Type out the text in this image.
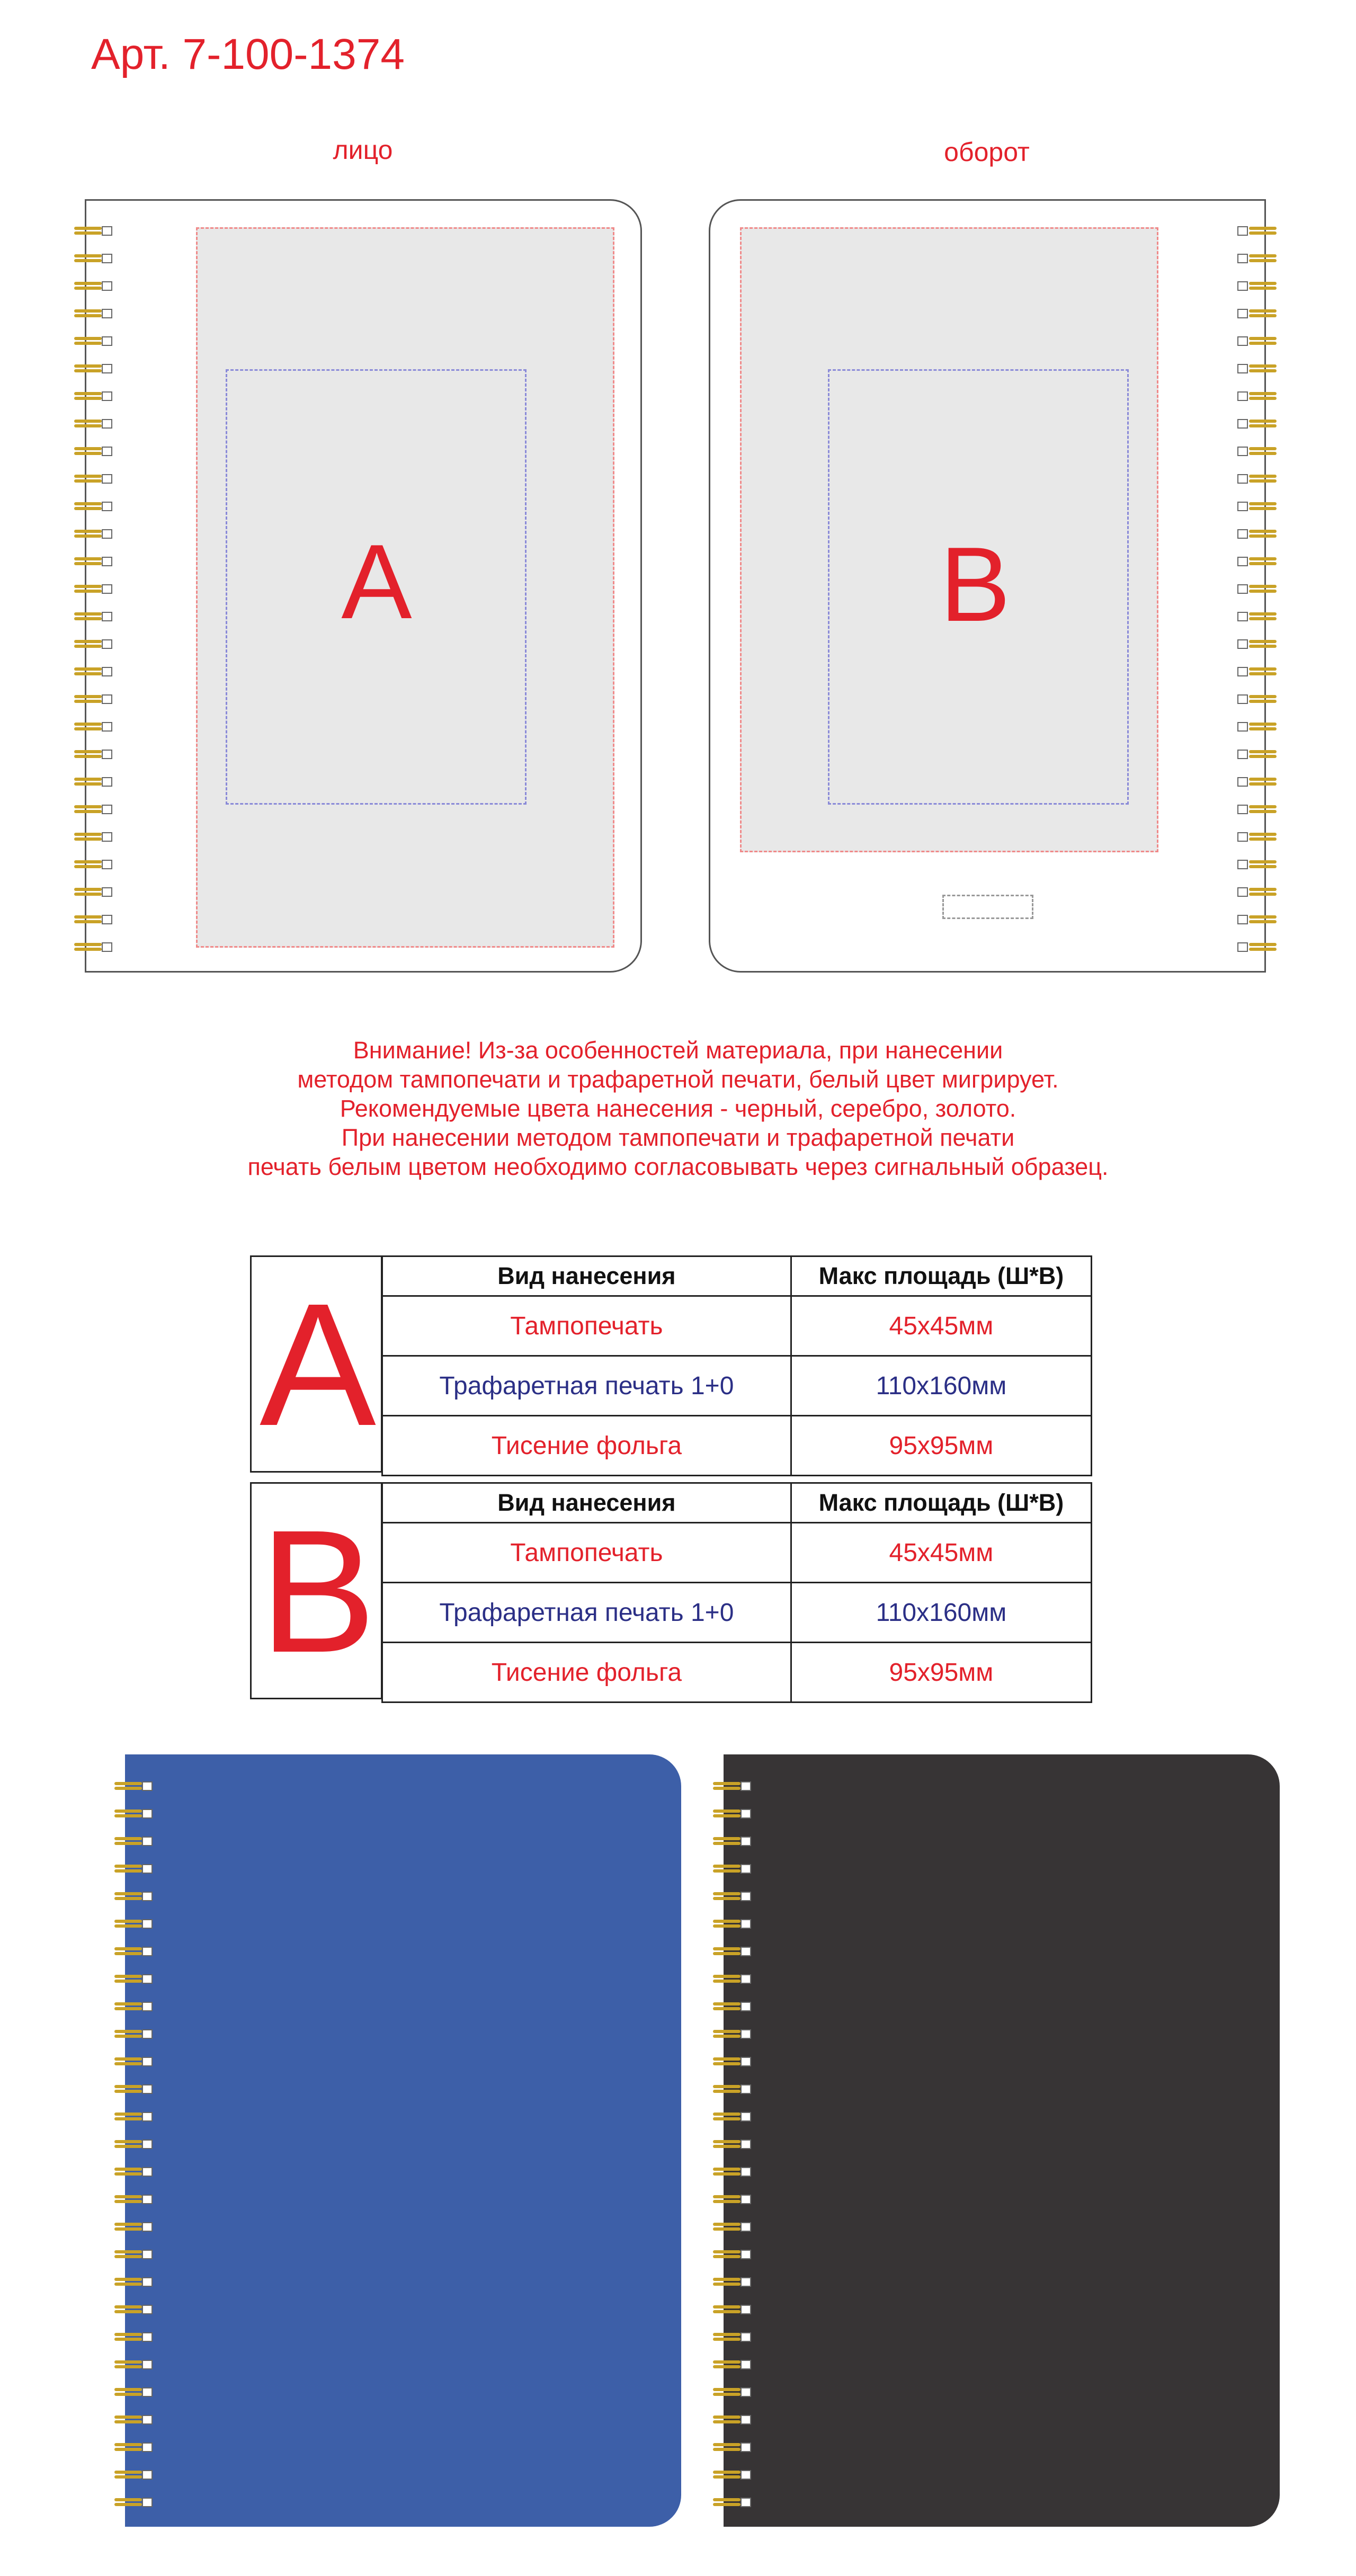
Арт. 7-100-1374
лицо	оборот
A	B
Внимание! Из-за особенностей материала, при нанесении
методом тампопечати и трафаретной печати, белый цвет мигрирует.
Рекомендуемые цвета нанесения - черный, серебро, золото.
При нанесении методом тампопечати и трафаретной печати
печать белым цветом необходимо согласовывать через сигнальный образец.
A	Вид нанесения	Макс площадь (Ш*В)
Тампопечать	45x45мм
Трафаретная печать 1+0	110x160мм
Тисение фольга	95x95мм
B	Вид нанесения	Макс площадь (Ш*В)
Тампопечать	45x45мм
Трафаретная печать 1+0	110x160мм
Тисение фольга	95x95мм
